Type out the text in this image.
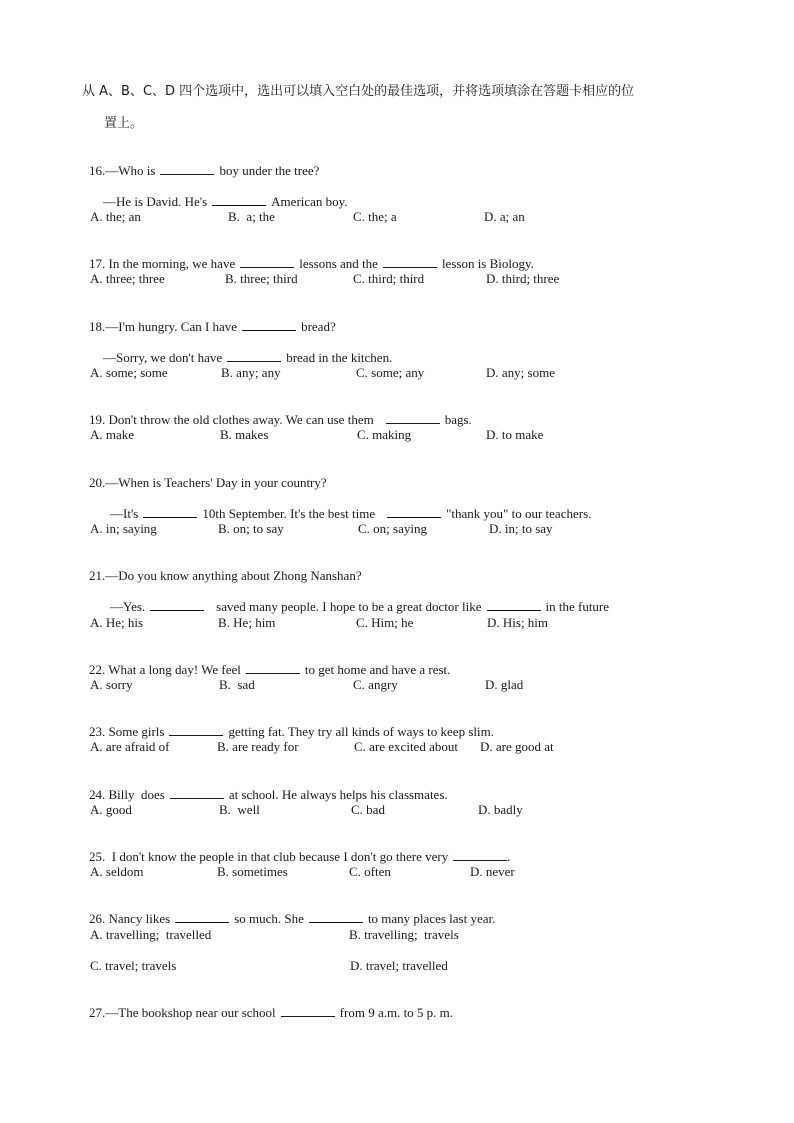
从 A、B、C、D 四个选项中，选出可以填入空白处的最佳选项，并将选项填涂在答题卡相应的位
置上。

16.—Who is	boy under the tree?

—He is David. He's	American boy.

A. the; an	B.  a; the	C. the; a	D. a; an

17. In the morning, we have	lessons and the	lesson is Biology.

A. three; three	B. three; third	C. third; third	D. third; three

18.—I'm hungry. Can I have	bread?

—Sorry, we don't have	bread in the kitchen.

A. some; some	B. any; any	C. some; any	D. any; some

19. Don't throw the old clothes away. We can use them	bags.

A. make	B. makes	C. making	D. to make

20.—When is Teachers' Day in your country?

—It's	10th September. It's the best time	"thank you" to our teachers.

A. in; saying	B. on; to say	C. on; saying	D. in; to say

21.—Do you know anything about Zhong Nanshan?

—Yes.	saved many people. I hope to be a great doctor like	in the future

A. He; his	B. He; him	C. Him; he	D. His; him

22. What a long day! We feel	to get home and have a rest.

A. sorry	B.  sad	C. angry	D. glad

23. Some girls	getting fat. They try all kinds of ways to keep slim.

A. are afraid of	B. are ready for	C. are excited about D. are good at

24. Billy  does	at school. He always helps his classmates.

A. good	B.  well	C. bad	D. badly

25.  I don't know the people in that club because I don't go there very	.

A. seldom	B. sometimes	C. often	D. never

26. Nancy likes	so much. She	to many places last year.

A. travelling;  travelled	B. travelling;  travels
C. travel; travels	D. travel; travelled

27.—The bookshop near our school	from 9 a.m. to 5 p. m.
